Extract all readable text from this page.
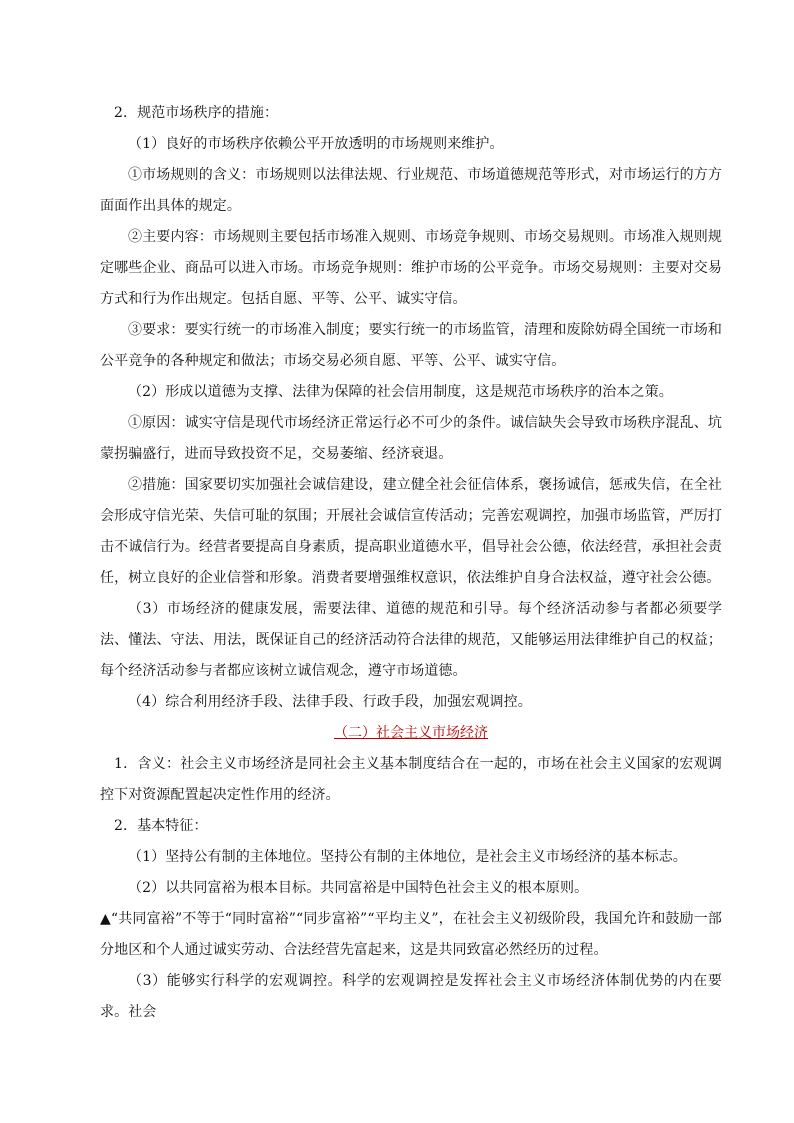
2．规范市场秩序的措施：

（1）良好的市场秩序依赖公平开放透明的市场规则来维护。

①市场规则的含义：市场规则以法律法规、行业规范、市场道德规范等形式，对市场运行的方方面面作出具体的规定。

②主要内容：市场规则主要包括市场准入规则、市场竞争规则、市场交易规则。市场准入规则规定哪些企业、商品可以进入市场。市场竞争规则：维护市场的公平竞争。市场交易规则：主要对交易方式和行为作出规定。包括自愿、平等、公平、诚实守信。

③要求：要实行统一的市场准入制度；要实行统一的市场监管，清理和废除妨碍全国统一市场和公平竞争的各种规定和做法；市场交易必须自愿、平等、公平、诚实守信。

（2）形成以道德为支撑、法律为保障的社会信用制度，这是规范市场秩序的治本之策。

①原因：诚实守信是现代市场经济正常运行必不可少的条件。诚信缺失会导致市场秩序混乱、坑蒙拐骗盛行，进而导致投资不足，交易萎缩、经济衰退。

②措施：国家要切实加强社会诚信建设，建立健全社会征信体系，褒扬诚信，惩戒失信，在全社会形成守信光荣、失信可耻的氛围；开展社会诚信宣传活动；完善宏观调控，加强市场监管，严厉打击不诚信行为。经营者要提高自身素质，提高职业道德水平，倡导社会公德，依法经营，承担社会责任，树立良好的企业信誉和形象。消费者要增强维权意识，依法维护自身合法权益，遵守社会公德。

（3）市场经济的健康发展，需要法律、道德的规范和引导。每个经济活动参与者都必须要学法、懂法、守法、用法，既保证自己的经济活动符合法律的规范，又能够运用法律维护自己的权益；每个经济活动参与者都应该树立诚信观念，遵守市场道德。

（4）综合利用经济手段、法律手段、行政手段，加强宏观调控。

（二）社会主义市场经济

1．含义：社会主义市场经济是同社会主义基本制度结合在一起的，市场在社会主义国家的宏观调控下对资源配置起决定性作用的经济。

2．基本特征：

（1）坚持公有制的主体地位。坚持公有制的主体地位，是社会主义市场经济的基本标志。

（2）以共同富裕为根本目标。共同富裕是中国特色社会主义的根本原则。

▲“共同富裕”不等于“同时富裕”“同步富裕”“平均主义”，在社会主义初级阶段，我国允许和鼓励一部分地区和个人通过诚实劳动、合法经营先富起来，这是共同致富必然经历的过程。

（3）能够实行科学的宏观调控。科学的宏观调控是发挥社会主义市场经济体制优势的内在要求。社会
